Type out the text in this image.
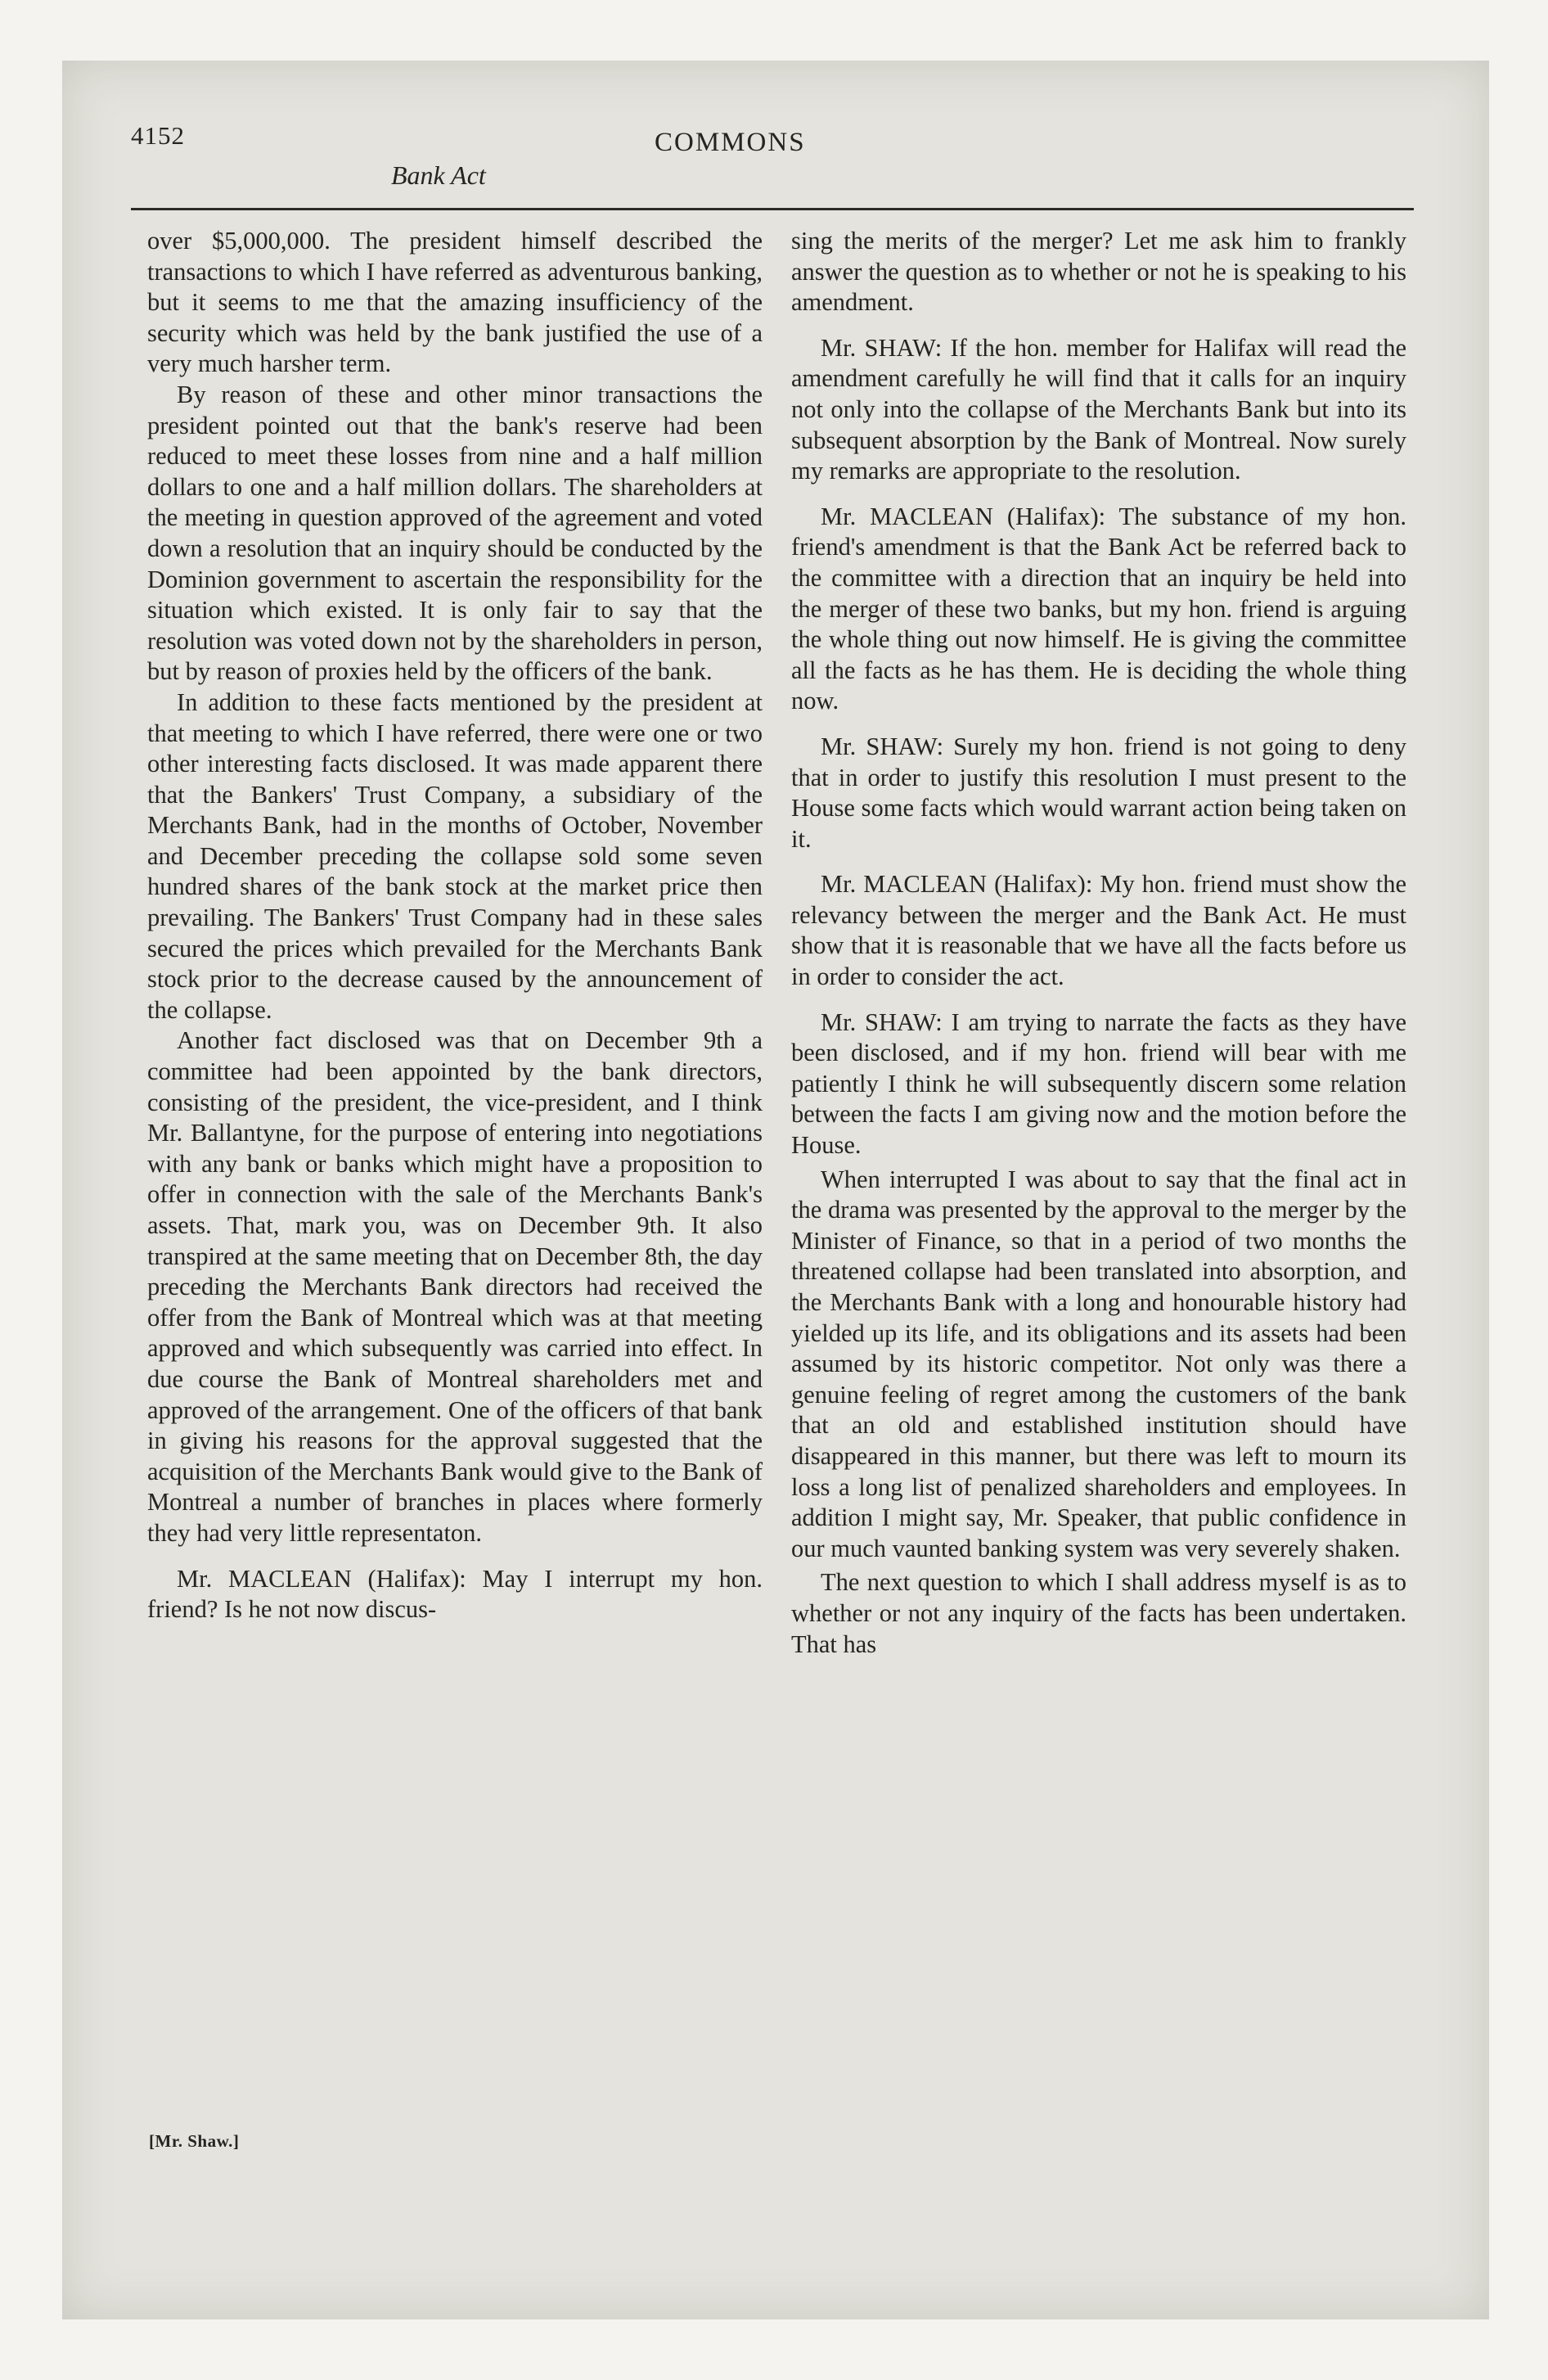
4152	COMMONS
Bank Act

over $5,000,000. The president himself described the transactions to which I have referred as adventurous banking, but it seems to me that the amazing insufficiency of the security which was held by the bank justified the use of a very much harsher term.

By reason of these and other minor transactions the president pointed out that the bank's reserve had been reduced to meet these losses from nine and a half million dollars to one and a half million dollars. The shareholders at the meeting in question approved of the agreement and voted down a resolution that an inquiry should be conducted by the Dominion government to ascertain the responsibility for the situation which existed. It is only fair to say that the resolution was voted down not by the shareholders in person, but by reason of proxies held by the officers of the bank.

In addition to these facts mentioned by the president at that meeting to which I have referred, there were one or two other interesting facts disclosed. It was made apparent there that the Bankers' Trust Company, a subsidiary of the Merchants Bank, had in the months of October, November and December preceding the collapse sold some seven hundred shares of the bank stock at the market price then prevailing. The Bankers' Trust Company had in these sales secured the prices which prevailed for the Merchants Bank stock prior to the decrease caused by the announcement of the collapse.

Another fact disclosed was that on December 9th a committee had been appointed by the bank directors, consisting of the president, the vice-president, and I think Mr. Ballantyne, for the purpose of entering into negotiations with any bank or banks which might have a proposition to offer in connection with the sale of the Merchants Bank's assets. That, mark you, was on December 9th. It also transpired at the same meeting that on December 8th, the day preceding the Merchants Bank directors had received the offer from the Bank of Montreal which was at that meeting approved and which subsequently was carried into effect. In due course the Bank of Montreal shareholders met and approved of the arrangement. One of the officers of that bank in giving his reasons for the approval suggested that the acquisition of the Merchants Bank would give to the Bank of Montreal a number of branches in places where formerly they had very little representaton.

Mr. MACLEAN (Halifax): May I interrupt my hon. friend? Is he not now discus-

sing the merits of the merger? Let me ask him to frankly answer the question as to whether or not he is speaking to his amendment.

Mr. SHAW: If the hon. member for Halifax will read the amendment carefully he will find that it calls for an inquiry not only into the collapse of the Merchants Bank but into its subsequent absorption by the Bank of Montreal. Now surely my remarks are appropriate to the resolution.

Mr. MACLEAN (Halifax): The substance of my hon. friend's amendment is that the Bank Act be referred back to the committee with a direction that an inquiry be held into the merger of these two banks, but my hon. friend is arguing the whole thing out now himself. He is giving the committee all the facts as he has them. He is deciding the whole thing now.

Mr. SHAW: Surely my hon. friend is not going to deny that in order to justify this resolution I must present to the House some facts which would warrant action being taken on it.

Mr. MACLEAN (Halifax): My hon. friend must show the relevancy between the merger and the Bank Act. He must show that it is reasonable that we have all the facts before us in order to consider the act.

Mr. SHAW: I am trying to narrate the facts as they have been disclosed, and if my hon. friend will bear with me patiently I think he will subsequently discern some relation between the facts I am giving now and the motion before the House.

When interrupted I was about to say that the final act in the drama was presented by the approval to the merger by the Minister of Finance, so that in a period of two months the threatened collapse had been translated into absorption, and the Merchants Bank with a long and honourable history had yielded up its life, and its obligations and its assets had been assumed by its historic competitor. Not only was there a genuine feeling of regret among the customers of the bank that an old and established institution should have disappeared in this manner, but there was left to mourn its loss a long list of penalized shareholders and employees. In addition I might say, Mr. Speaker, that public confidence in our much vaunted banking system was very severely shaken.

The next question to which I shall address myself is as to whether or not any inquiry of the facts has been undertaken. That has

[Mr. Shaw.]
